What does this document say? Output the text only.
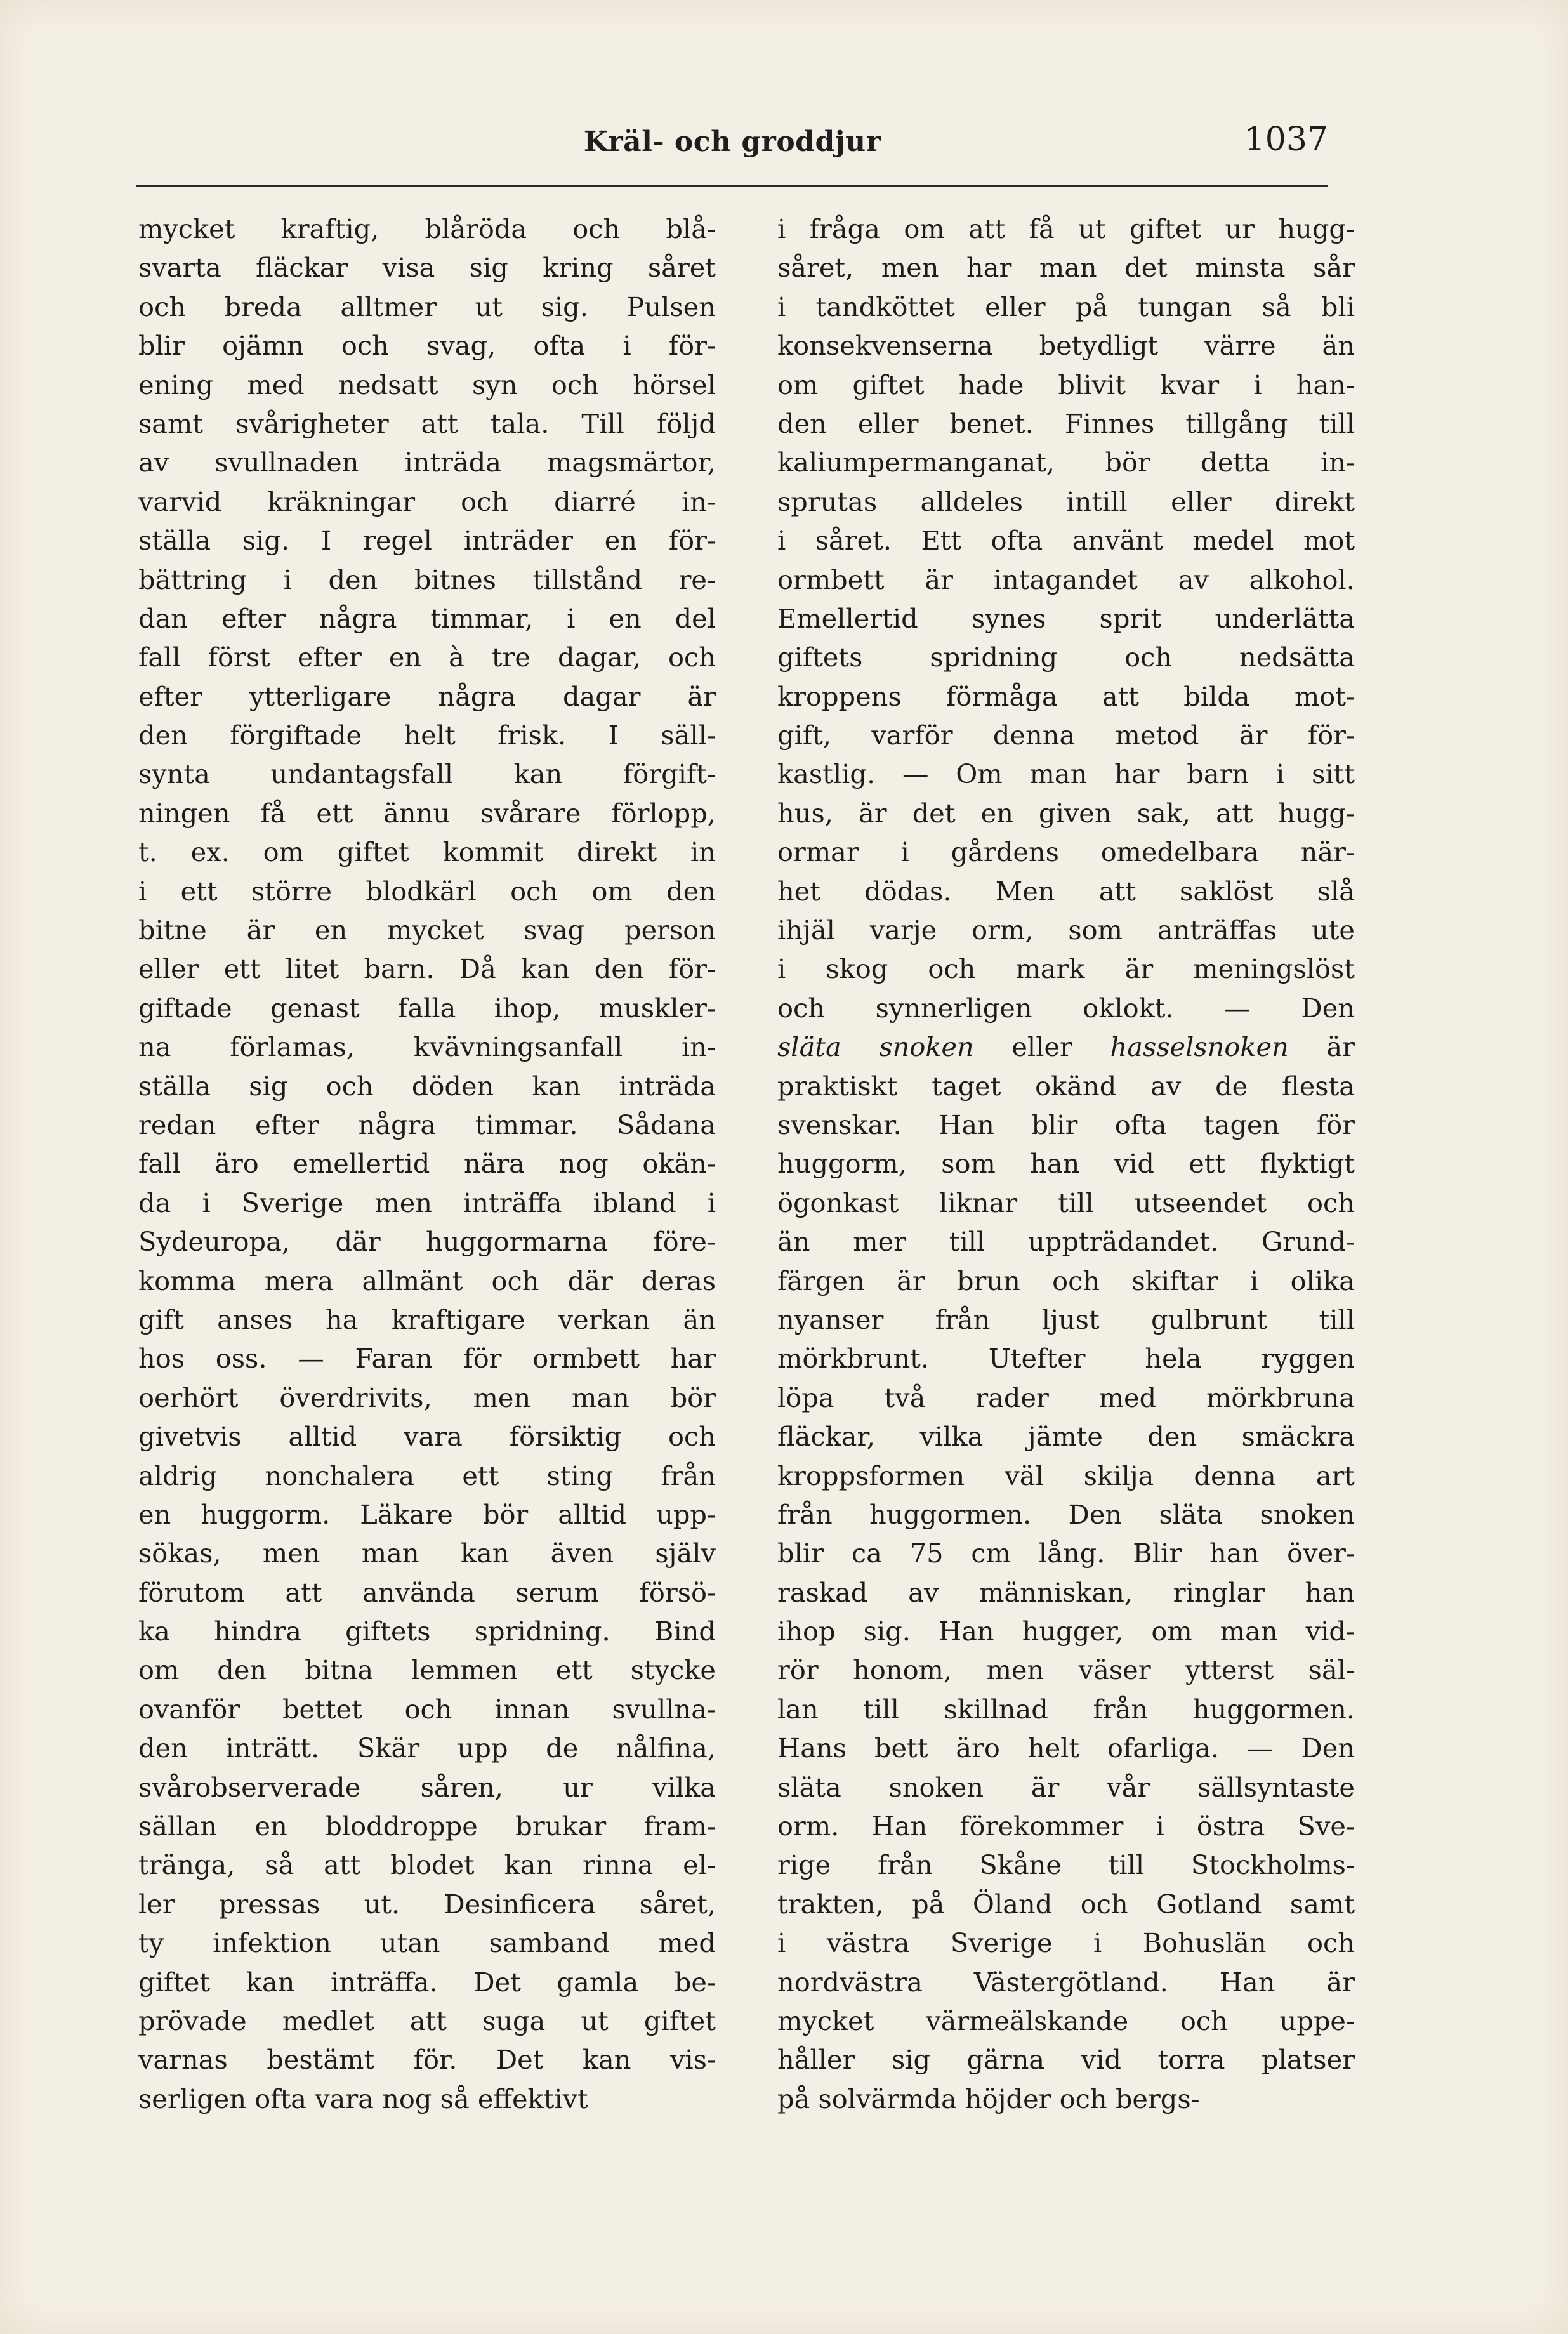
Kräl- och groddjur	1037
mycket kraftig, blåröda och blå-
svarta fläckar visa sig kring såret
och breda alltmer ut sig. Pulsen
blir ojämn och svag, ofta i för-
ening med nedsatt syn och hörsel
samt svårigheter att tala. Till följd
av svullnaden inträda magsmärtor,
varvid kräkningar och diarré in-
ställa sig. I regel inträder en för-
bättring i den bitnes tillstånd re-
dan efter några timmar, i en del
fall först efter en à tre dagar, och
efter ytterligare några dagar är
den förgiftade helt frisk. I säll-
synta undantagsfall kan förgift-
ningen få ett ännu svårare förlopp,
t. ex. om giftet kommit direkt in
i ett större blodkärl och om den
bitne är en mycket svag person
eller ett litet barn. Då kan den för-
giftade genast falla ihop, muskler-
na förlamas, kvävningsanfall in-
ställa sig och döden kan inträda
redan efter några timmar. Sådana
fall äro emellertid nära nog okän-
da i Sverige men inträffa ibland i
Sydeuropa, där huggormarna före-
komma mera allmänt och där deras
gift anses ha kraftigare verkan än
hos oss. — Faran för ormbett har
oerhört överdrivits, men man bör
givetvis alltid vara försiktig och
aldrig nonchalera ett sting från
en huggorm. Läkare bör alltid upp-
sökas, men man kan även själv
förutom att använda serum försö-
ka hindra giftets spridning. Bind
om den bitna lemmen ett stycke
ovanför bettet och innan svullna-
den inträtt. Skär upp de nålfina,
svårobserverade såren, ur vilka
sällan en bloddroppe brukar fram-
tränga, så att blodet kan rinna el-
ler pressas ut. Desinficera såret,
ty infektion utan samband med
giftet kan inträffa. Det gamla be-
prövade medlet att suga ut giftet
varnas bestämt för. Det kan vis-
serligen ofta vara nog så effektivt
i fråga om att få ut giftet ur hugg-
såret, men har man det minsta sår
i tandköttet eller på tungan så bli
konsekvenserna betydligt värre än
om giftet hade blivit kvar i han-
den eller benet. Finnes tillgång till
kaliumpermanganat, bör detta in-
sprutas alldeles intill eller direkt
i såret. Ett ofta använt medel mot
ormbett är intagandet av alkohol.
Emellertid synes sprit underlätta
giftets spridning och nedsätta
kroppens förmåga att bilda mot-
gift, varför denna metod är för-
kastlig. — Om man har barn i sitt
hus, är det en given sak, att hugg-
ormar i gårdens omedelbara när-
het dödas. Men att saklöst slå
ihjäl varje orm, som anträffas ute
i skog och mark är meningslöst
och synnerligen oklokt. — Den
släta snoken eller hasselsnoken är
praktiskt taget okänd av de flesta
svenskar. Han blir ofta tagen för
huggorm, som han vid ett flyktigt
ögonkast liknar till utseendet och
än mer till uppträdandet. Grund-
färgen är brun och skiftar i olika
nyanser från ljust gulbrunt till
mörkbrunt. Utefter hela ryggen
löpa två rader med mörkbruna
fläckar, vilka jämte den smäckra
kroppsformen väl skilja denna art
från huggormen. Den släta snoken
blir ca 75 cm lång. Blir han över-
raskad av människan, ringlar han
ihop sig. Han hugger, om man vid-
rör honom, men väser ytterst säl-
lan till skillnad från huggormen.
Hans bett äro helt ofarliga. — Den
släta snoken är vår sällsyntaste
orm. Han förekommer i östra Sve-
rige från Skåne till Stockholms-
trakten, på Öland och Gotland samt
i västra Sverige i Bohuslän och
nordvästra Västergötland. Han är
mycket värmeälskande och uppe-
håller sig gärna vid torra platser
på solvärmda höjder och bergs-
